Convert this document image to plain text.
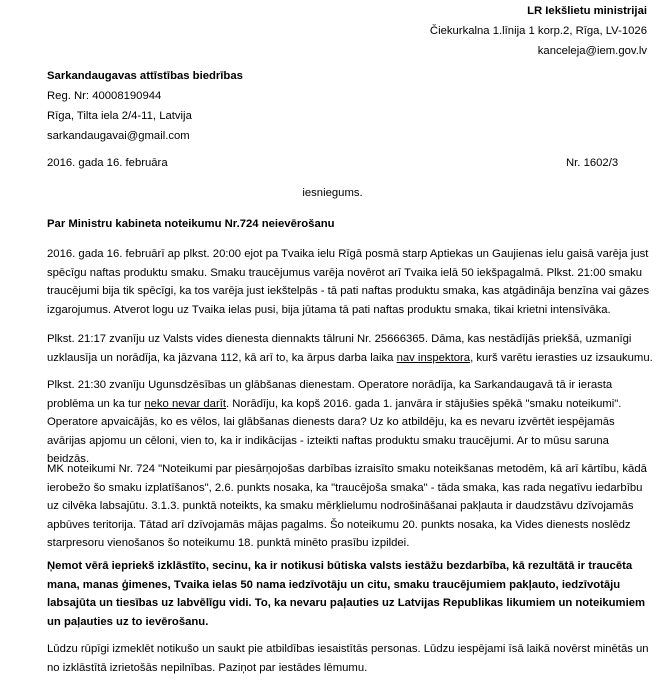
LR Iekšlietu ministrijai
Čiekurkalna 1.līnija 1 korp.2, Rīga, LV-1026
kanceleja@iem.gov.lv
Sarkandaugavas attīstības biedrības
Reg. Nr: 40008190944
Rīga, Tilta iela 2/4-11, Latvija
sarkandaugavai@gmail.com
2016. gada 16. februāra	Nr. 1602/3
iesniegums.
Par Ministru kabineta noteikumu Nr.724 neievērošanu

2016. gada 16. februārī ap plkst. 20:00 ejot pa Tvaika ielu Rīgā posmā starp Aptiekas un Gaujienas ielu gaisā varēja just spēcīgu naftas produktu smaku. Smaku traucējumus varēja novērot arī Tvaika ielā 50 iekšpagalmā. Plkst. 21:00 smaku traucējumi bija tik spēcīgi, ka tos varēja just iekštelpās - tā pati naftas produktu smaka, kas atgādināja benzīna vai gāzes izgarojumus. Atverot logu uz Tvaika ielas pusi, bija jūtama tā pati naftas produktu smaka, tikai krietni intensīvāka.

Plkst. 21:17 zvanīju uz Valsts vides dienesta diennakts tālruni Nr. 25666365. Dāma, kas nestādījās priekšā, uzmanīgi uzklausīja un norādīja, ka jāzvana 112, kā arī to, ka ārpus darba laika nav inspektora, kurš varētu ierasties uz izsaukumu.

Plkst. 21:30 zvanīju Ugunsdzēsības un glābšanas dienestam. Operatore norādīja, ka Sarkandaugavā tā ir ierasta problēma un ka tur neko nevar darīt. Norādīju, ka kopš 2016. gada 1. janvāra ir stājušies spēkā "smaku noteikumi". Operatore apvaicājās, ko es vēlos, lai glābšanas dienests dara? Uz ko atbildēju, ka es nevaru izvērtēt iespējamās avārijas apjomu un cēloni, vien to, ka ir indikācijas - izteikti naftas produktu smaku traucējumi. Ar to mūsu saruna beidzās.

MK noteikumi Nr. 724 "Noteikumi par piesārņojošas darbības izraisīto smaku noteikšanas metodēm, kā arī kārtību, kādā ierobežo šo smaku izplatīšanos", 2.6. punkts nosaka, ka "traucējoša smaka" - tāda smaka, kas rada negatīvu iedarbību uz cilvēka labsajūtu. 3.1.3. punktā noteikts, ka smaku mērķlielumu nodrošināšanai pakļauta ir daudzstāvu dzīvojamās apbūves teritorija. Tātad arī dzīvojamās mājas pagalms. Šo noteikumu 20. punkts nosaka, ka Vides dienests noslēdz starpresoru vienošanos šo noteikumu 18. punktā minēto prasību izpildei.

Ņemot vērā iepriekš izklāstīto, secinu, ka ir notikusi būtiska valsts iestāžu bezdarbība, kā rezultātā ir traucēta mana, manas ģimenes, Tvaika ielas 50 nama iedzīvotāju un citu, smaku traucējumiem pakļauto, iedzīvotāju labsajūta un tiesības uz labvēlīgu vidi. To, ka nevaru paļauties uz Latvijas Republikas likumiem un noteikumiem un paļauties uz to ievērošanu.

Lūdzu rūpīgi izmeklēt notikušo un saukt pie atbildības iesaistītās personas. Lūdzu iespējami īsā laikā novērst minētās un no izklāstītā izrietošās nepilnības. Paziņot par iestādes lēmumu.
